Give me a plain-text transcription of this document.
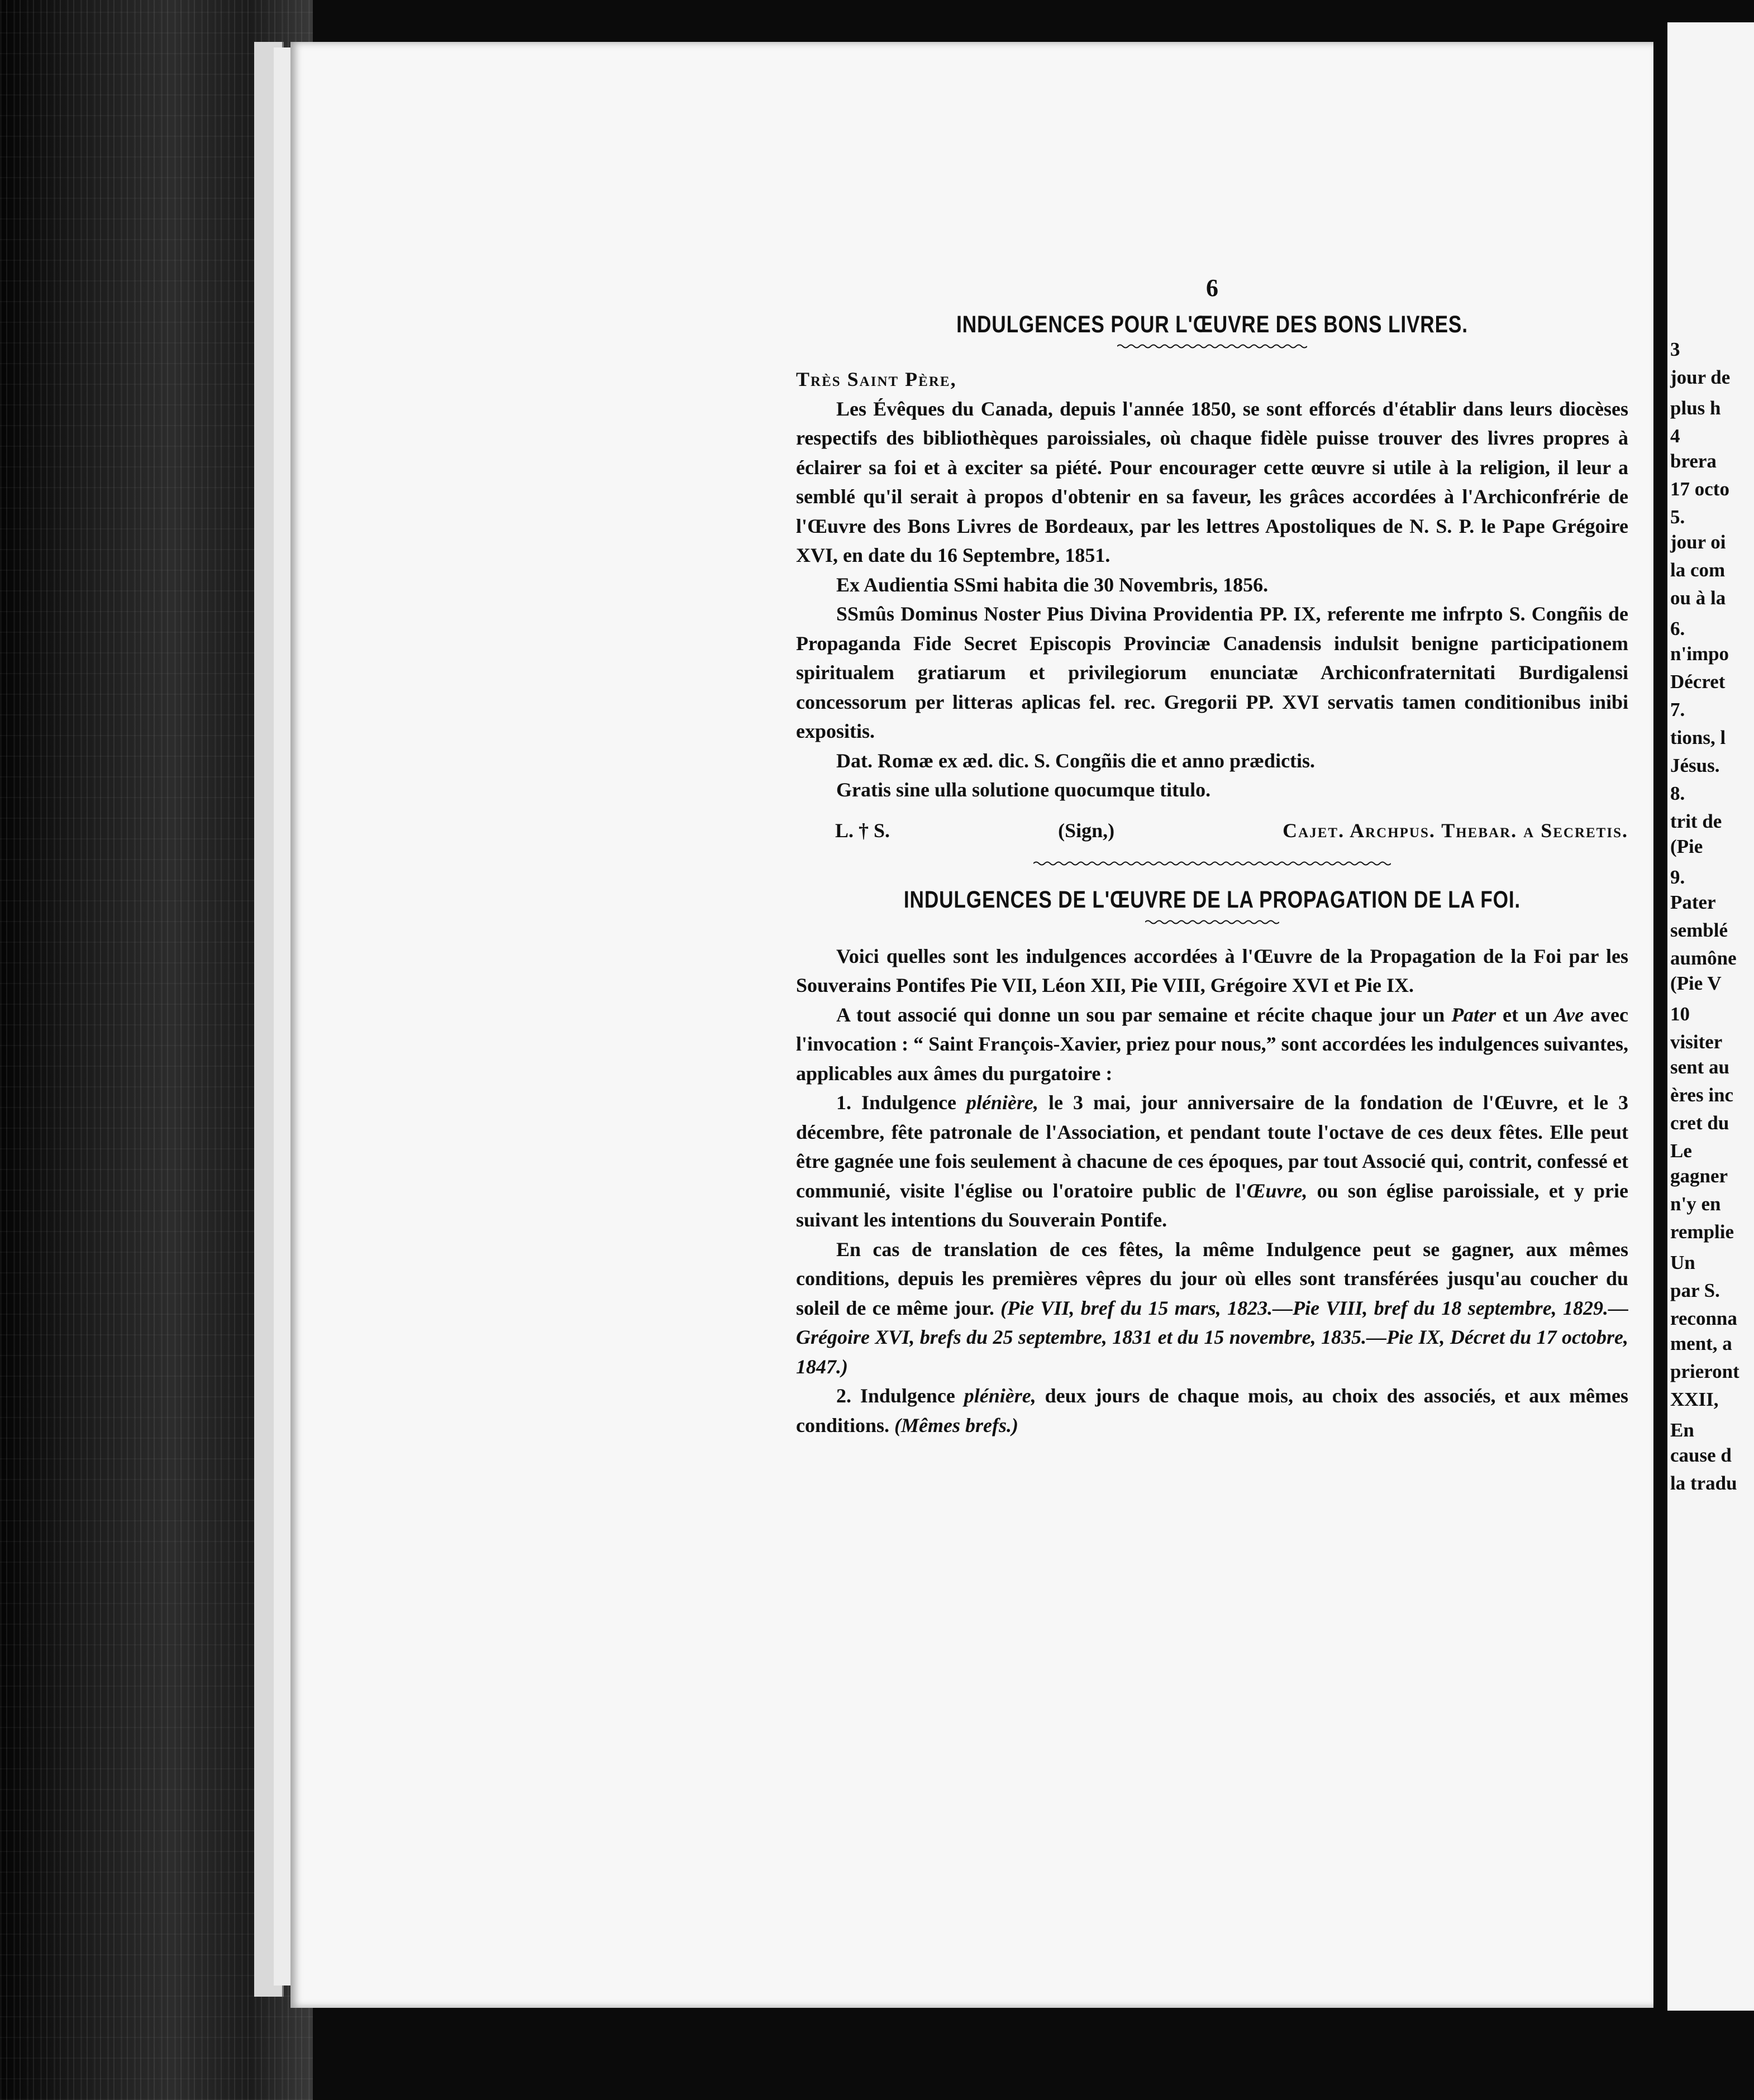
6
INDULGENCES POUR L'ŒUVRE DES BONS LIVRES.

Très Saint Père,

Les Évêques du Canada, depuis l'année 1850, se sont efforcés d'établir dans leurs diocèses respectifs des bibliothèques paroissiales, où chaque fidèle puisse trouver des livres propres à éclairer sa foi et à exciter sa piété. Pour encourager cette œuvre si utile à la religion, il leur a semblé qu'il serait à propos d'obtenir en sa faveur, les grâces accordées à l'Archiconfrérie de l'Œuvre des Bons Livres de Bordeaux, par les lettres Apostoliques de N. S. P. le Pape Grégoire XVI, en date du 16 Septembre, 1851.

Ex Audientia SSmi habita die 30 Novembris, 1856.

SSmûs Dominus Noster Pius Divina Providentia PP. IX, referente me infrpto S. Congñis de Propaganda Fide Secret Episcopis Provinciæ Canadensis indulsit benigne participationem spiritualem gratiarum et privilegiorum enunciatæ Archiconfraternitati Burdigalensi concessorum per litteras aplicas fel. rec. Gregorii PP. XVI servatis tamen conditionibus inibi expositis.

Dat. Romæ ex æd. dic. S. Congñis die et anno prædictis.

Gratis sine ulla solutione quocumque titulo.

L. † S.	(Sign,)	Cajet. Ar⁠chpus. Thebar. a Secretis.
INDULGENCES DE L'ŒUVRE DE LA PROPAGATION DE LA FOI.

Voici quelles sont les indulgences accordées à l'Œuvre de la Propagation de la Foi par les Souverains Pontifes Pie VII, Léon XII, Pie VIII, Grégoire XVI et Pie IX.

A tout associé qui donne un sou par semaine et récite chaque jour un Pater et un Ave avec l'invocation : “ Saint François-Xavier, priez pour nous,” sont accordées les indulgences suivantes, applicables aux âmes du purgatoire :

1. Indulgence plénière, le 3 mai, jour anniversaire de la fondation de l'Œuvre, et le 3 décembre, fête patronale de l'Association, et pendant toute l'octave de ces deux fêtes. Elle peut être gagnée une fois seulement à chacune de ces époques, par tout Associé qui, contrit, confessé et communié, visite l'église ou l'oratoire public de l'Œuvre, ou son église paroissiale, et y prie suivant les intentions du Souverain Pontife.

En cas de translation de ces fêtes, la même Indulgence peut se gagner, aux mêmes conditions, depuis les premières vêpres du jour où elles sont transférées jusqu'au coucher du soleil de ce même jour. (Pie VII, bref du 15 mars, 1823.—Pie VIII, bref du 18 septembre, 1829.—Grégoire XVI, brefs du 25 septembre, 1831 et du 15 novembre, 1835.—Pie IX, Décret du 17 octobre, 1847.)

2. Indulgence plénière, deux jours de chaque mois, au choix des associés, et aux mêmes conditions. (Mêmes brefs.)

3
jour de
plus h
4
brera
17 octo
5.
jour oi
la com
ou à la
6.
n'impo
Décret
7.
tions, l
Jésus.
8.
trit de
(Pie
9.
Pater
semblé
aumône
(Pie V
10
visiter
sent au
ères inc
cret du
Le
gagner
n'y en
remplie
Un
par S.
reconna
ment, a
prieront
XXII,
En
cause d
la tradu
